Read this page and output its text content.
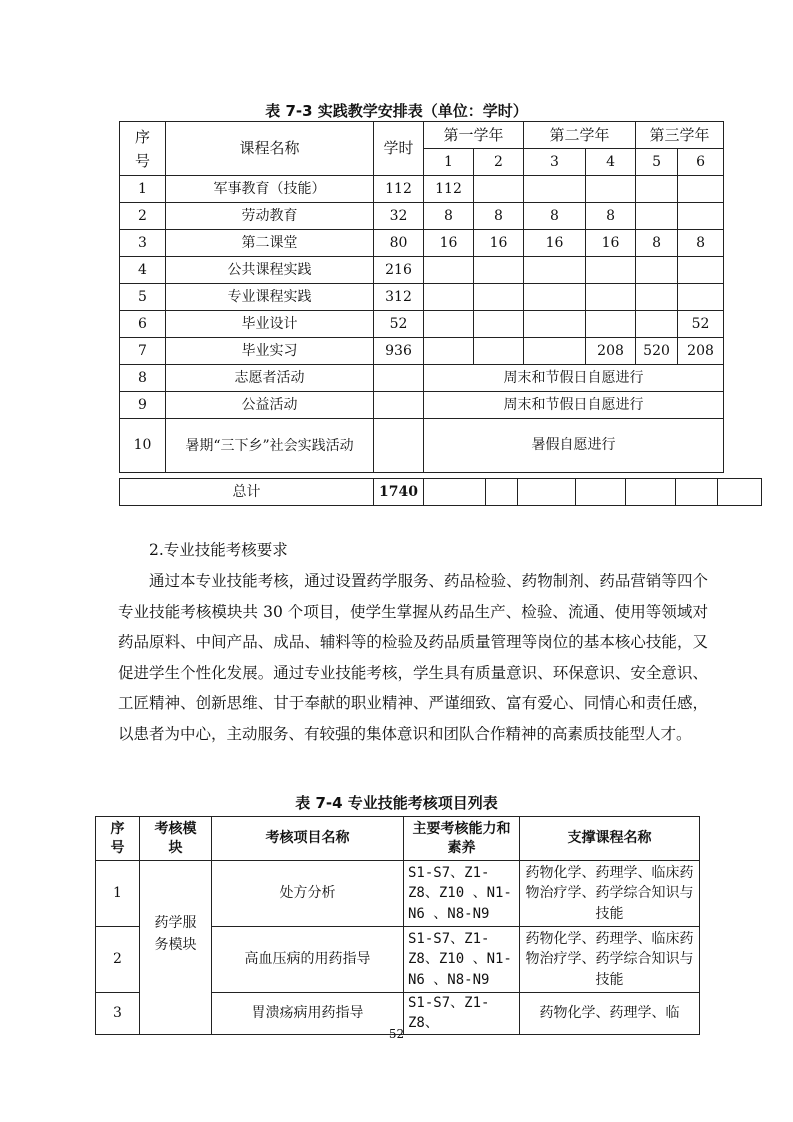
表 7-3 实践教学安排表（单位：学时）
序号	课程名称	学时	第一学年		第二学年		第三学年	
			1	2	3	4	5	6
1	军事教育（技能）	112	112					
2	劳动教育	32	8	8	8	8		
3	第二课堂	80	16	16	16	16	8	8
4	公共课程实践	216						
5	专业课程实践	312						
6	毕业设计	52						52
7	毕业实习	936				208	520	208
8	志愿者活动		周末和节假日自愿进行					
9	公益活动		周末和节假日自愿进行					
10	暑期“三下乡”社会实践活动		暑假自愿进行					
总计	1740							
2.专业技能考核要求

通过本专业技能考核，通过设置药学服务、药品检验、药物制剂、药品营销等四个专业技能考核模块共 30 个项目，使学生掌握从药品生产、检验、流通、使用等领域对药品原料、中间产品、成品、辅料等的检验及药品质量管理等岗位的基本核心技能，又促进学生个性化发展。通过专业技能考核，学生具有质量意识、环保意识、安全意识、工匠精神、创新思维、甘于奉献的职业精神、严谨细致、富有爱心、同情心和责任感，以患者为中心，主动服务、有较强的集体意识和团队合作精神的高素质技能型人才。

表 7-4 专业技能考核项目列表
序号	考核模块	考核项目名称	主要考核能力和素养	支撑课程名称
1	药学服务模块	处方分析	S1-S7、Z1- Z8、Z10 、N1-N6 、N8-N9	药物化学、药理学、临床药物治疗学、药学综合知识与技能
2		高血压病的用药指导	S1-S7、Z1-Z8、Z10 、N1-N6 、N8-N9	药物化学、药理学、临床药物治疗学、药学综合知识与技能
3		胃溃疡病用药指导	S1-S7、Z1-Z8、	药物化学、药理学、临
52
